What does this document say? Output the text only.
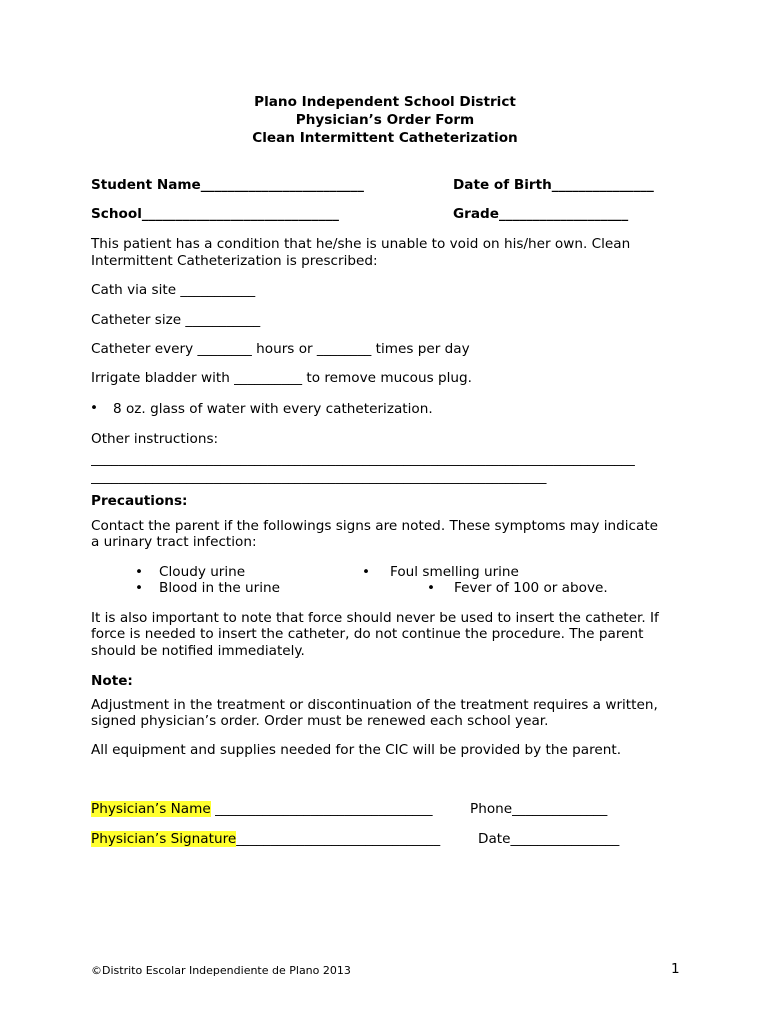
Plano Independent School District
Physician’s Order Form
Clean Intermittent Catheterization
Student Name________________________	Date of Birth_______________
School_____________________________	Grade___________________
This patient has a condition that he/she is unable to void on his/her own. Clean
Intermittent Catheterization is prescribed:
Cath via site ___________
Catheter size ___________
Catheter every ________ hours or ________ times per day
Irrigate bladder with __________ to remove mucous plug.
• 8 oz. glass of water with every catheterization.
Other instructions:
________________________________________________________________________________
___________________________________________________________________
Precautions:
Contact the parent if the followings signs are noted. These symptoms may indicate
a urinary tract infection:
• Cloudy urine
• Blood in the urine
• Foul smelling urine
• Fever of 100 or above.
It is also important to note that force should never be used to insert the catheter. If
force is needed to insert the catheter, do not continue the procedure. The parent
should be notified immediately.
Note:
Adjustment in the treatment or discontinuation of the treatment requires a written,
signed physician’s order. Order must be renewed each school year.
All equipment and supplies needed for the CIC will be provided by the parent.
Physician’s Name ________________________________	Phone______________
Physician’s Signature______________________________	Date________________
©Distrito Escolar Independiente de Plano 2013	1
